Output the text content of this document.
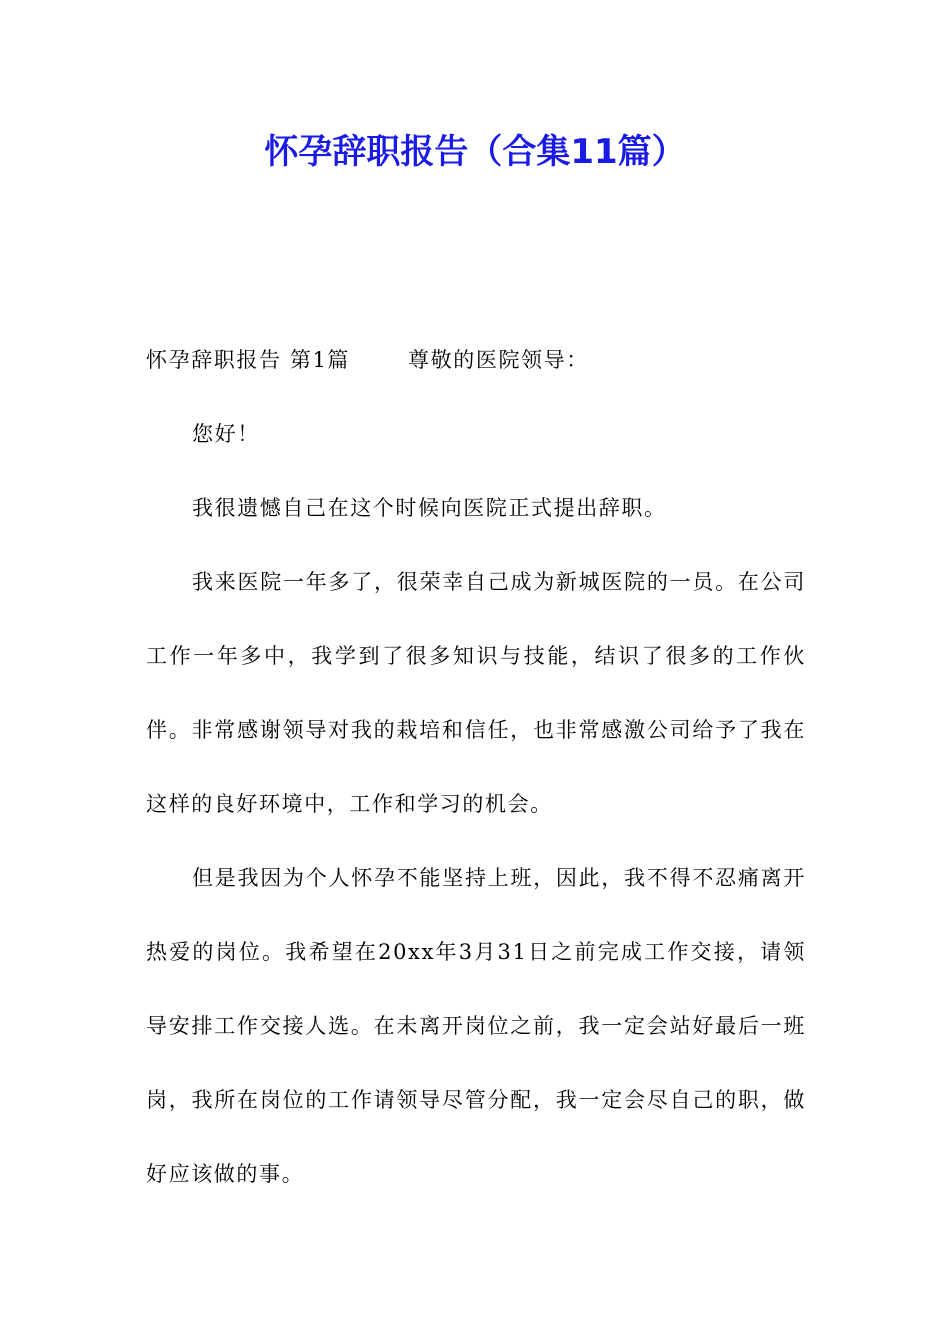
怀孕辞职报告（合集11篇）
怀孕辞职报告 第1篇	尊敬的医院领导：

您好！

我很遗憾自己在这个时候向医院正式提出辞职。

我来医院一年多了，很荣幸自己成为新城医院的一员。在公司工作一年多中，我学到了很多知识与技能，结识了很多的工作伙伴。非常感谢领导对我的栽培和信任，也非常感激公司给予了我在这样的良好环境中，工作和学习的机会。

但是我因为个人怀孕不能坚持上班，因此，我不得不忍痛离开热爱的岗位。我希望在20xx年3月31日之前完成工作交接，请领导安排工作交接人选。在未离开岗位之前，我一定会站好最后一班岗，我所在岗位的工作请领导尽管分配，我一定会尽自己的职，做好应该做的事。
